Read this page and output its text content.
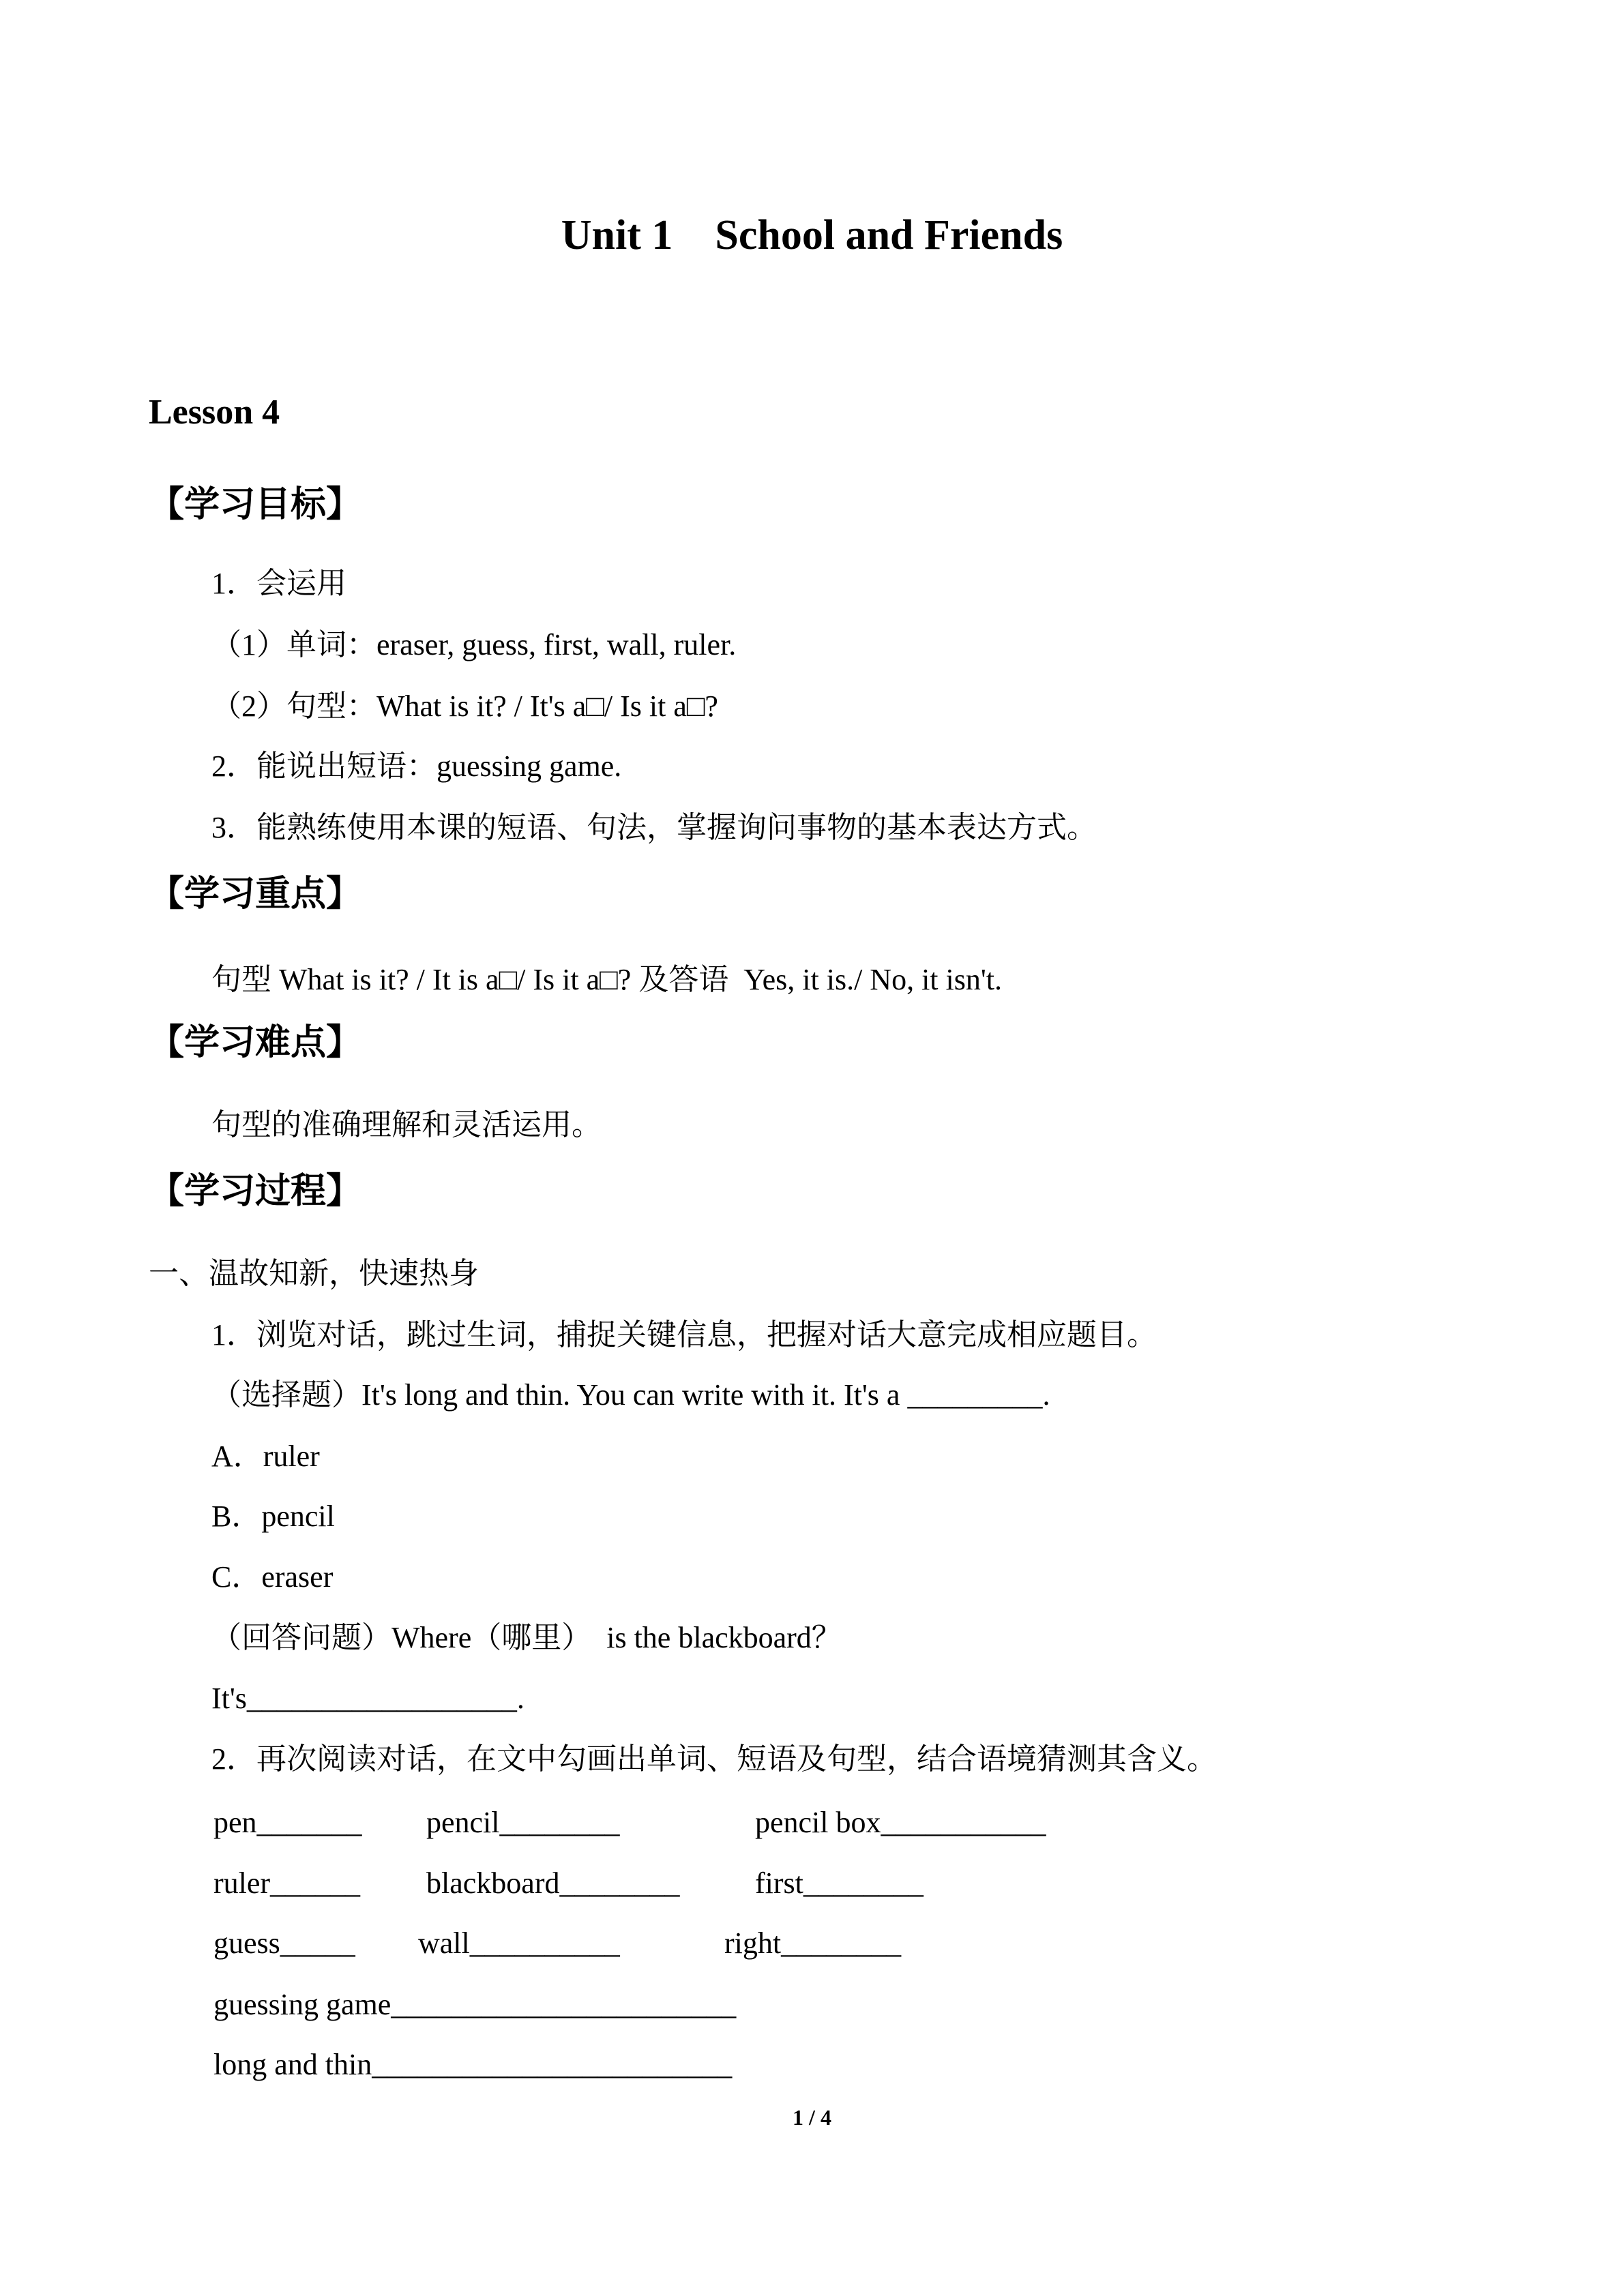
Unit 1    School and Friends
Lesson 4
【学习目标】
1．会运用
（1）单词：eraser, guess, first, wall, ruler.
（2）句型：What is it? / It's a□/ Is it a□?
2．能说出短语：guessing game.
3．能熟练使用本课的短语、句法，掌握询问事物的基本表达方式。
【学习重点】
句型 What is it? / It is a□/ Is it a□? 及答语  Yes, it is./ No, it isn't.
【学习难点】
句型的准确理解和灵活运用。
【学习过程】
一、温故知新，快速热身
1．浏览对话，跳过生词，捕捉关键信息，把握对话大意完成相应题目。
（选择题）It's long and thin. You can write with it. It's a _________.
A．ruler
B．pencil
C．eraser
（回答问题）Where（哪里）  is the blackboard？
It's__________________.
2．再次阅读对话，在文中勾画出单词、短语及句型，结合语境猜测其含义。
pen_______ pencil________	pencil box___________
ruler______ blackboard________	first________
guess_____ wall__________	right________
guessing game_______________________
long and thin________________________
1 / 4
